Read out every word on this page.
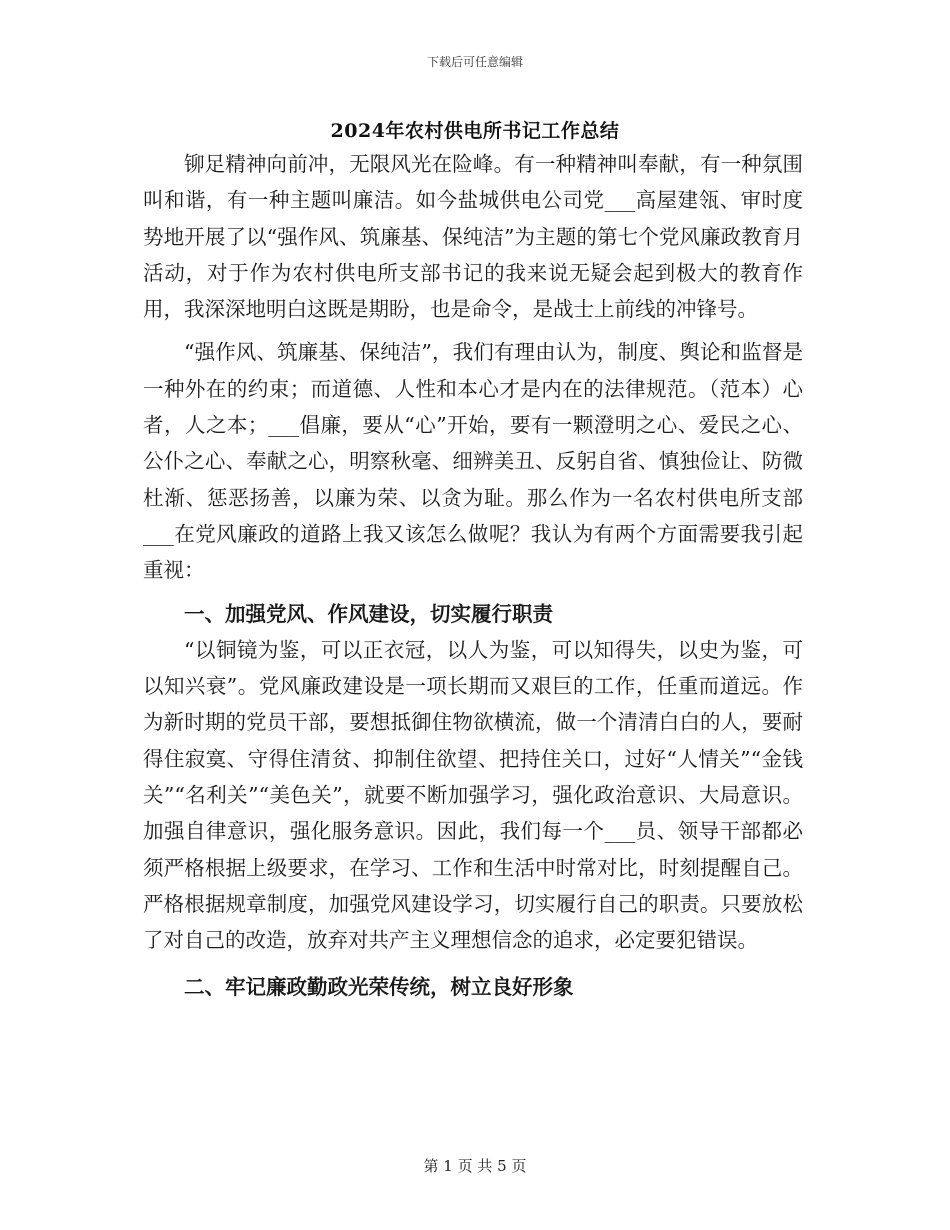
下载后可任意编辑
2024年农村供电所书记工作总结

铆足精神向前冲，无限风光在险峰。有一种精神叫奉献，有一种氛围叫和谐，有一种主题叫廉洁。如今盐城供电公司党___高屋建瓴、审时度势地开展了以“强作风、筑廉基、保纯洁”为主题的第七个党风廉政教育月活动，对于作为农村供电所支部书记的我来说无疑会起到极大的教育作用，我深深地明白这既是期盼，也是命令，是战士上前线的冲锋号。

“强作风、筑廉基、保纯洁”，我们有理由认为，制度、舆论和监督是一种外在的约束；而道德、人性和本心才是内在的法律规范。（范本）心者，人之本；___倡廉，要从“心”开始，要有一颗澄明之心、爱民之心、公仆之心、奉献之心，明察秋毫、细辨美丑、反躬自省、慎独俭让、防微杜渐、惩恶扬善，以廉为荣、以贪为耻。那么作为一名农村供电所支部___在党风廉政的道路上我又该怎么做呢？我认为有两个方面需要我引起重视：

一、加强党风、作风建设，切实履行职责

“以铜镜为鉴，可以正衣冠，以人为鉴，可以知得失，以史为鉴，可以知兴衰”。党风廉政建设是一项长期而又艰巨的工作，任重而道远。作为新时期的党员干部，要想抵御住物欲横流，做一个清清白白的人，要耐得住寂寞、守得住清贫、抑制住欲望、把持住关口，过好“人情关”“金钱关”“名利关”“美色关”，就要不断加强学习，强化政治意识、大局意识。加强自律意识，强化服务意识。因此，我们每一个___员、领导干部都必须严格根据上级要求，在学习、工作和生活中时常对比，时刻提醒自己。严格根据规章制度，加强党风建设学习，切实履行自己的职责。只要放松了对自己的改造，放弃对共产主义理想信念的追求，必定要犯错误。

二、牢记廉政勤政光荣传统，树立良好形象
第 1 页 共 5 页
